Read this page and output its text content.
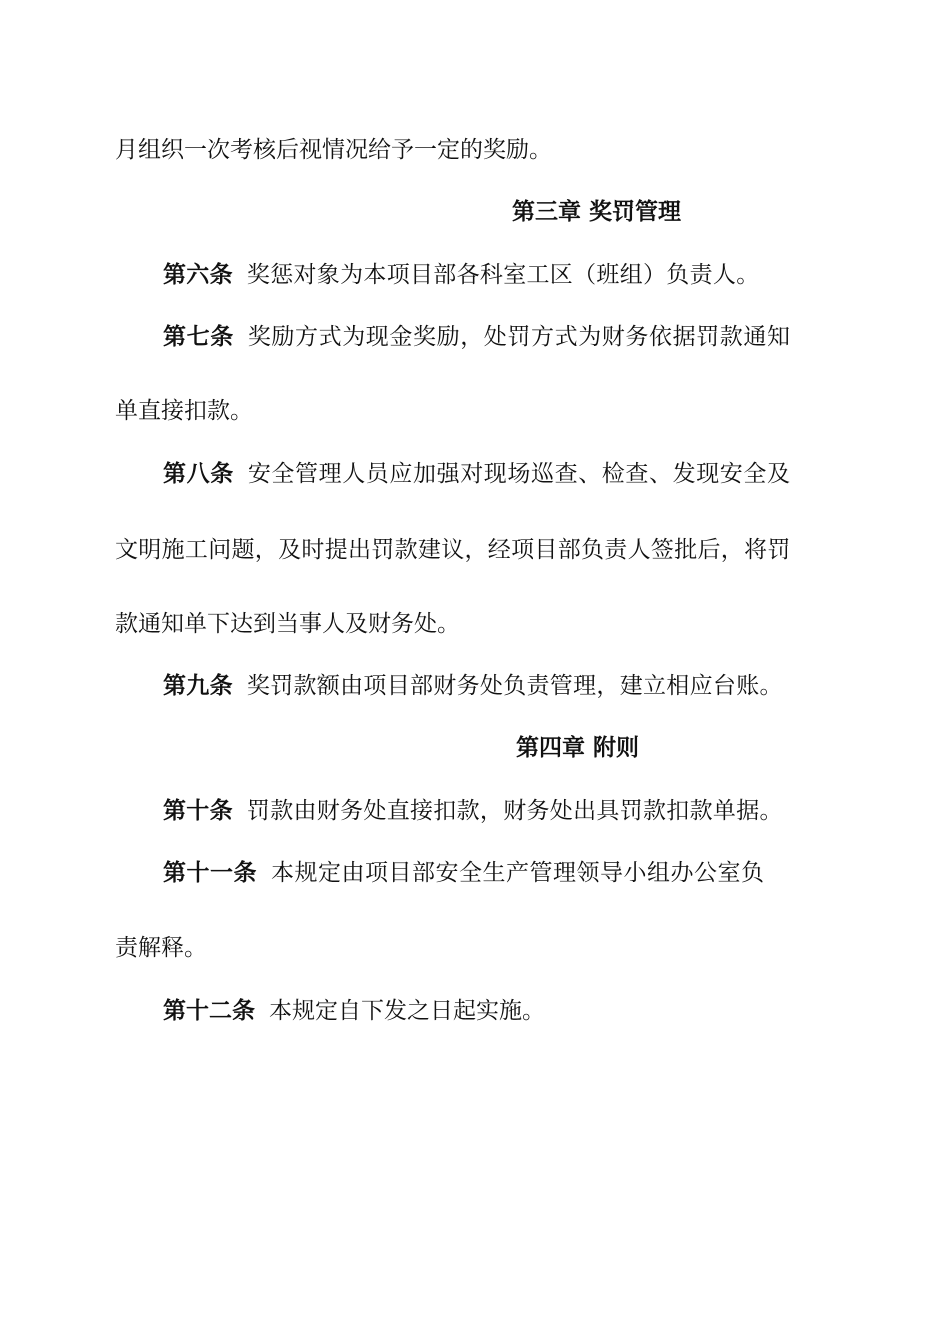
月组织一次考核后视情况给予一定的奖励。
第三章 奖罚管理
第六条 奖惩对象为本项目部各科室工区（班组）负责人。
第七条 奖励方式为现金奖励，处罚方式为财务依据罚款通知
单直接扣款。
第八条 安全管理人员应加强对现场巡查、检查、发现安全及
文明施工问题，及时提出罚款建议，经项目部负责人签批后，将罚
款通知单下达到当事人及财务处。
第九条 奖罚款额由项目部财务处负责管理，建立相应台账。
第四章 附则
第十条 罚款由财务处直接扣款，财务处出具罚款扣款单据。
第十一条 本规定由项目部安全生产管理领导小组办公室负
责解释。
第十二条 本规定自下发之日起实施。
